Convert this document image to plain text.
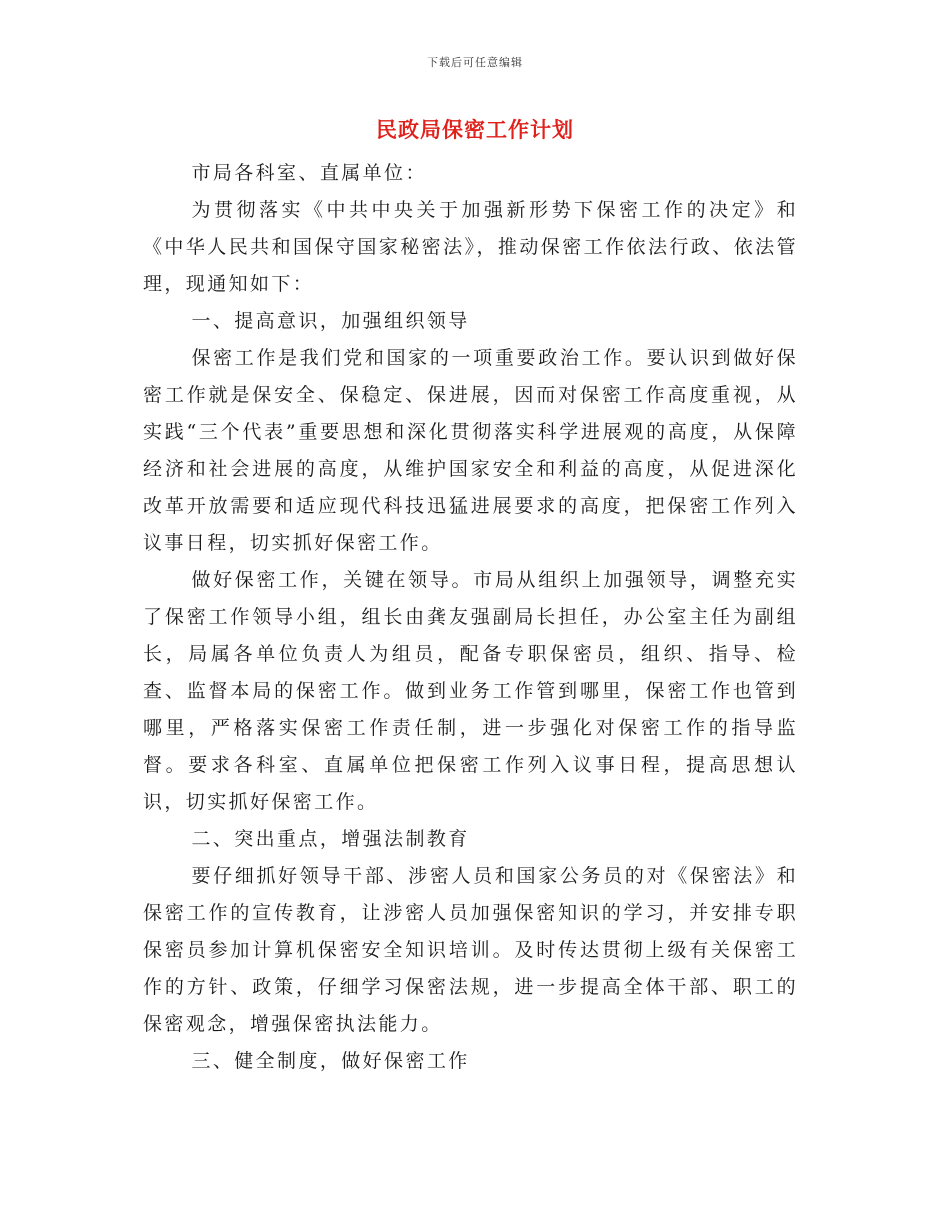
下载后可任意编辑
民政局保密工作计划

市局各科室、直属单位：

为贯彻落实《中共中央关于加强新形势下保密工作的决定》和《中华人民共和国保守国家秘密法》，推动保密工作依法行政、依法管理，现通知如下：

一、提高意识，加强组织领导

保密工作是我们党和国家的一项重要政治工作。要认识到做好保密工作就是保安全、保稳定、保进展，因而对保密工作高度重视，从实践“三个代表”重要思想和深化贯彻落实科学进展观的高度，从保障经济和社会进展的高度，从维护国家安全和利益的高度，从促进深化改革开放需要和适应现代科技迅猛进展要求的高度，把保密工作列入议事日程，切实抓好保密工作。

做好保密工作，关键在领导。市局从组织上加强领导，调整充实了保密工作领导小组，组长由龚友强副局长担任，办公室主任为副组长，局属各单位负责人为组员，配备专职保密员，组织、指导、检查、监督本局的保密工作。做到业务工作管到哪里，保密工作也管到哪里，严格落实保密工作责任制，进一步强化对保密工作的指导监督。要求各科室、直属单位把保密工作列入议事日程，提高思想认识，切实抓好保密工作。

二、突出重点，增强法制教育

要仔细抓好领导干部、涉密人员和国家公务员的对《保密法》和保密工作的宣传教育，让涉密人员加强保密知识的学习，并安排专职保密员参加计算机保密安全知识培训。及时传达贯彻上级有关保密工作的方针、政策，仔细学习保密法规，进一步提高全体干部、职工的保密观念，增强保密执法能力。

三、健全制度，做好保密工作
